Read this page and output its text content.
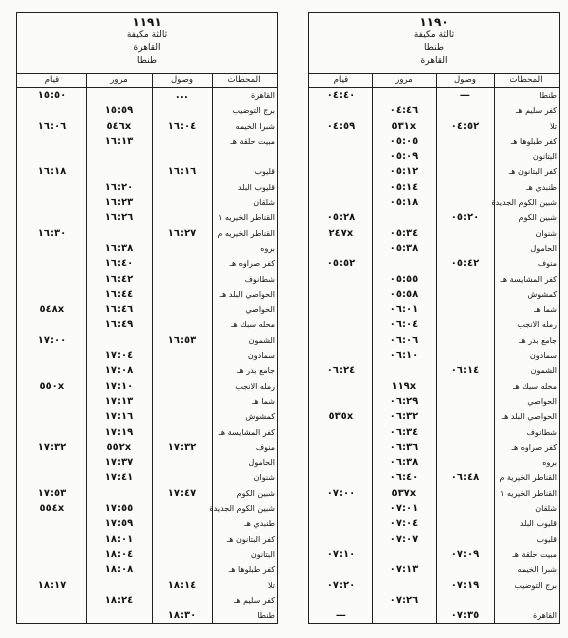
١١٩١
ثالثة مكيفة
القاهرة
طنطا
المحطات
وصول
مرور
قيام
القاهرة
...
١٥:٥٠
برج التوضيب
١٥:٥٩
شبرا الخيمه
١٦:٠٤
٥٤٦x
١٦:٠٦
مبيت حلقة هـ
١٦:١٣
قليوب
١٦:١٦
١٦:١٨
قليوب البلد
١٦:٢٠
شلقان
١٦:٢٣
القناطر الخيريه ١
١٦:٢٦
القناطر الخيريه م
١٦:٢٧
١٦:٣٠
بروه
١٦:٣٨
كفر صراوه هـ
١٦:٤٠
شطانوف
١٦:٤٢
الحواصي البلد هـ
١٦:٤٤
الحواصي
١٦:٤٦
٥٤٨x
محله سبك هـ
١٦:٤٩
الشمون
١٦:٥٣
١٧:٠٠
سمادون
١٧:٠٤
جامع بدر هـ
١٧:٠٨
رمله الانجب
١٧:١٠
٥٥٠x
شما هـ
١٧:١٣
كمشوش
١٧:١٦
كفر المشايسة هـ
١٧:١٩
منوف
١٧:٣٢
٥٥٢x
١٧:٣٢
الحامول
١٧:٣٧
شنوان
١٧:٤١
شبين الكوم
١٧:٤٧
١٧:٥٣
شبين الكوم الجديدة
١٧:٥٥
٥٥٤x
طنبدي هـ
١٧:٥٩
كفر البتانون هـ
١٨:٠١
البتانون
١٨:٠٤
كفر طبلوها هـ
١٨:٠٨
تلا
١٨:١٤
١٨:١٧
كفر سليم هـ
١٨:٢٤
طنطا
١٨:٣٠
١١٩٠
ثالثة مكيفة
طنطا
القاهرة
المحطات
وصول
مرور
قيام
طنطا
—
٠٤:٤٠
كفر سليم هـ
٠٤:٤٦
تلا
٠٤:٥٢
٥٣١x
٠٤:٥٩
كفر طبلوها هـ
٠٥:٠٥
البتانون
٠٥:٠٩
كفر البتانون هـ
٠٥:١٢
طنبدي هـ
٠٥:١٤
شبين الكوم الجديدة
٠٥:١٨
شبين الكوم
٠٥:٢٠
٠٥:٢٨
شنوان
٠٥:٣٤
٢٤٧x
الحامول
٠٥:٣٨
منوف
٠٥:٤٢
٠٥:٥٢
كفر المشايسة هـ
٠٥:٥٥
كمشوش
٠٥:٥٨
شما هـ
٠٦:٠١
رمله الانجب
٠٦:٠٤
جامع بدر هـ
٠٦:٠٦
سمادون
٠٦:١٠
الشمون
٠٦:١٤
٠٦:٢٤
محله سبك هـ
١١٩x
الحواصي
٠٦:٢٩
الحواصي البلد هـ
٠٦:٣٢
٥٣٥x
شطانوف
٠٦:٣٤
كفر صراوه هـ
٠٦:٣٦
بروه
٠٦:٣٨
القناطر الخيرية م
٠٦:٤٨
٠٦:٤٠
القناطر الخيريه ١
٥٣٧x
٠٧:٠٠
شلقان
٠٧:٠١
قليوب البلد
٠٧:٠٤
قليوب
٠٧:٠٧
مبيت حلقة هـ
٠٧:٠٩
٠٧:١٠
شبرا الخيمه
٠٧:١٣
برج التوضيب
٠٧:١٩
٠٧:٢٠
٠٧:٢٦
القاهرة
٠٧:٣٥
—
